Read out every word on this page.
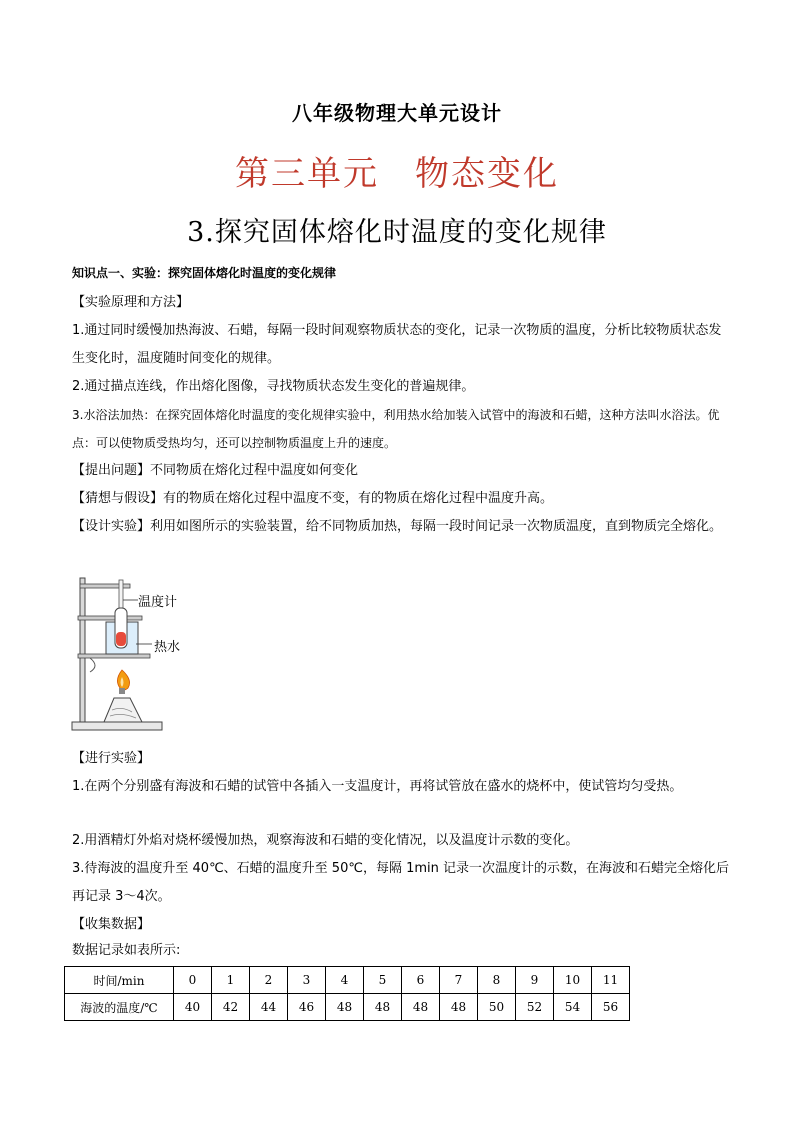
八年级物理大单元设计
第三单元　物态变化
3.探究固体熔化时温度的变化规律
知识点一、实验：探究固体熔化时温度的变化规律
【实验原理和方法】
1.通过同时缓慢加热海波、石蜡，每隔一段时间观察物质状态的变化，记录一次物质的温度，分析比较物质状态发生变化时，温度随时间变化的规律。
2.通过描点连线，作出熔化图像，寻找物质状态发生变化的普遍规律。
3.水浴法加热：在探究固体熔化时温度的变化规律实验中，利用热水给加装入试管中的海波和石蜡，这种方法叫水浴法。优点：可以使物质受热均匀，还可以控制物质温度上升的速度。
【提出问题】不同物质在熔化过程中温度如何变化
【猜想与假设】有的物质在熔化过程中温度不变，有的物质在熔化过程中温度升高。
【设计实验】利用如图所示的实验装置，给不同物质加热，每隔一段时间记录一次物质温度，直到物质完全熔化。
温度计
热水
【进行实验】
1.在两个分别盛有海波和石蜡的试管中各插入一支温度计，再将试管放在盛水的烧杯中，使试管均匀受热。
2.用酒精灯外焰对烧杯缓慢加热，观察海波和石蜡的变化情况，以及温度计示数的变化。
3.待海波的温度升至 40℃、石蜡的温度升至 50℃，每隔 1min 记录一次温度计的示数，在海波和石蜡完全熔化后再记录 3～4次。
【收集数据】
数据记录如表所示:
时间/min	0	1	2	3	4	5	6	7	8	9	10	11
海波的温度/℃	40	42	44	46	48	48	48	48	50	52	54	56
